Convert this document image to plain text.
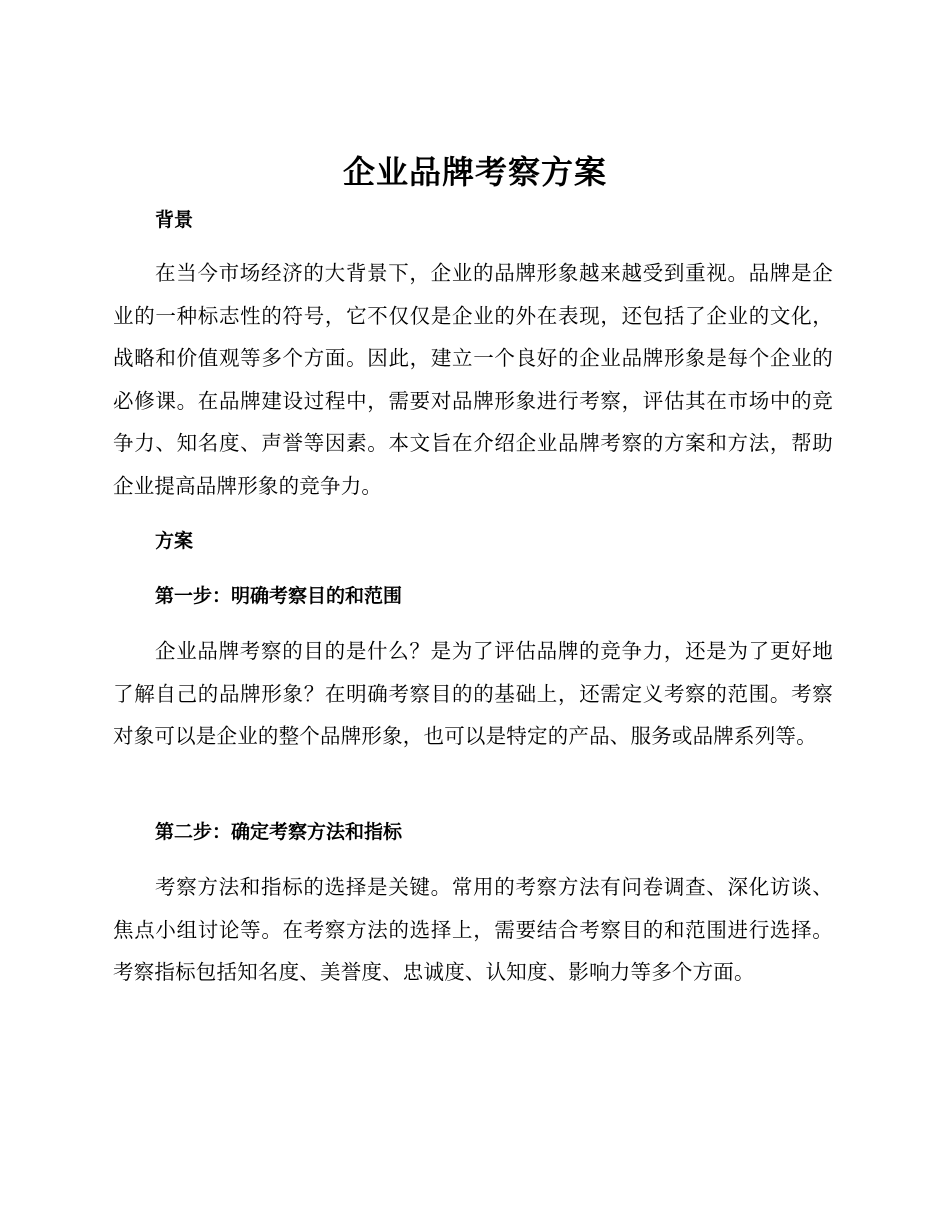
企业品牌考察方案
背景

在当今市场经济的大背景下，企业的品牌形象越来越受到重视。品牌是企业的一种标志性的符号，它不仅仅是企业的外在表现，还包括了企业的文化，战略和价值观等多个方面。因此，建立一个良好的企业品牌形象是每个企业的必修课。在品牌建设过程中，需要对品牌形象进行考察，评估其在市场中的竞争力、知名度、声誉等因素。本文旨在介绍企业品牌考察的方案和方法，帮助企业提高品牌形象的竞争力。

方案
第一步：明确考察目的和范围

企业品牌考察的目的是什么？是为了评估品牌的竞争力，还是为了更好地了解自己的品牌形象？在明确考察目的的基础上，还需定义考察的范围。考察对象可以是企业的整个品牌形象，也可以是特定的产品、服务或品牌系列等。

第二步：确定考察方法和指标

考察方法和指标的选择是关键。常用的考察方法有问卷调查、深化访谈、焦点小组讨论等。在考察方法的选择上，需要结合考察目的和范围进行选择。考察指标包括知名度、美誉度、忠诚度、认知度、影响力等多个方面。
